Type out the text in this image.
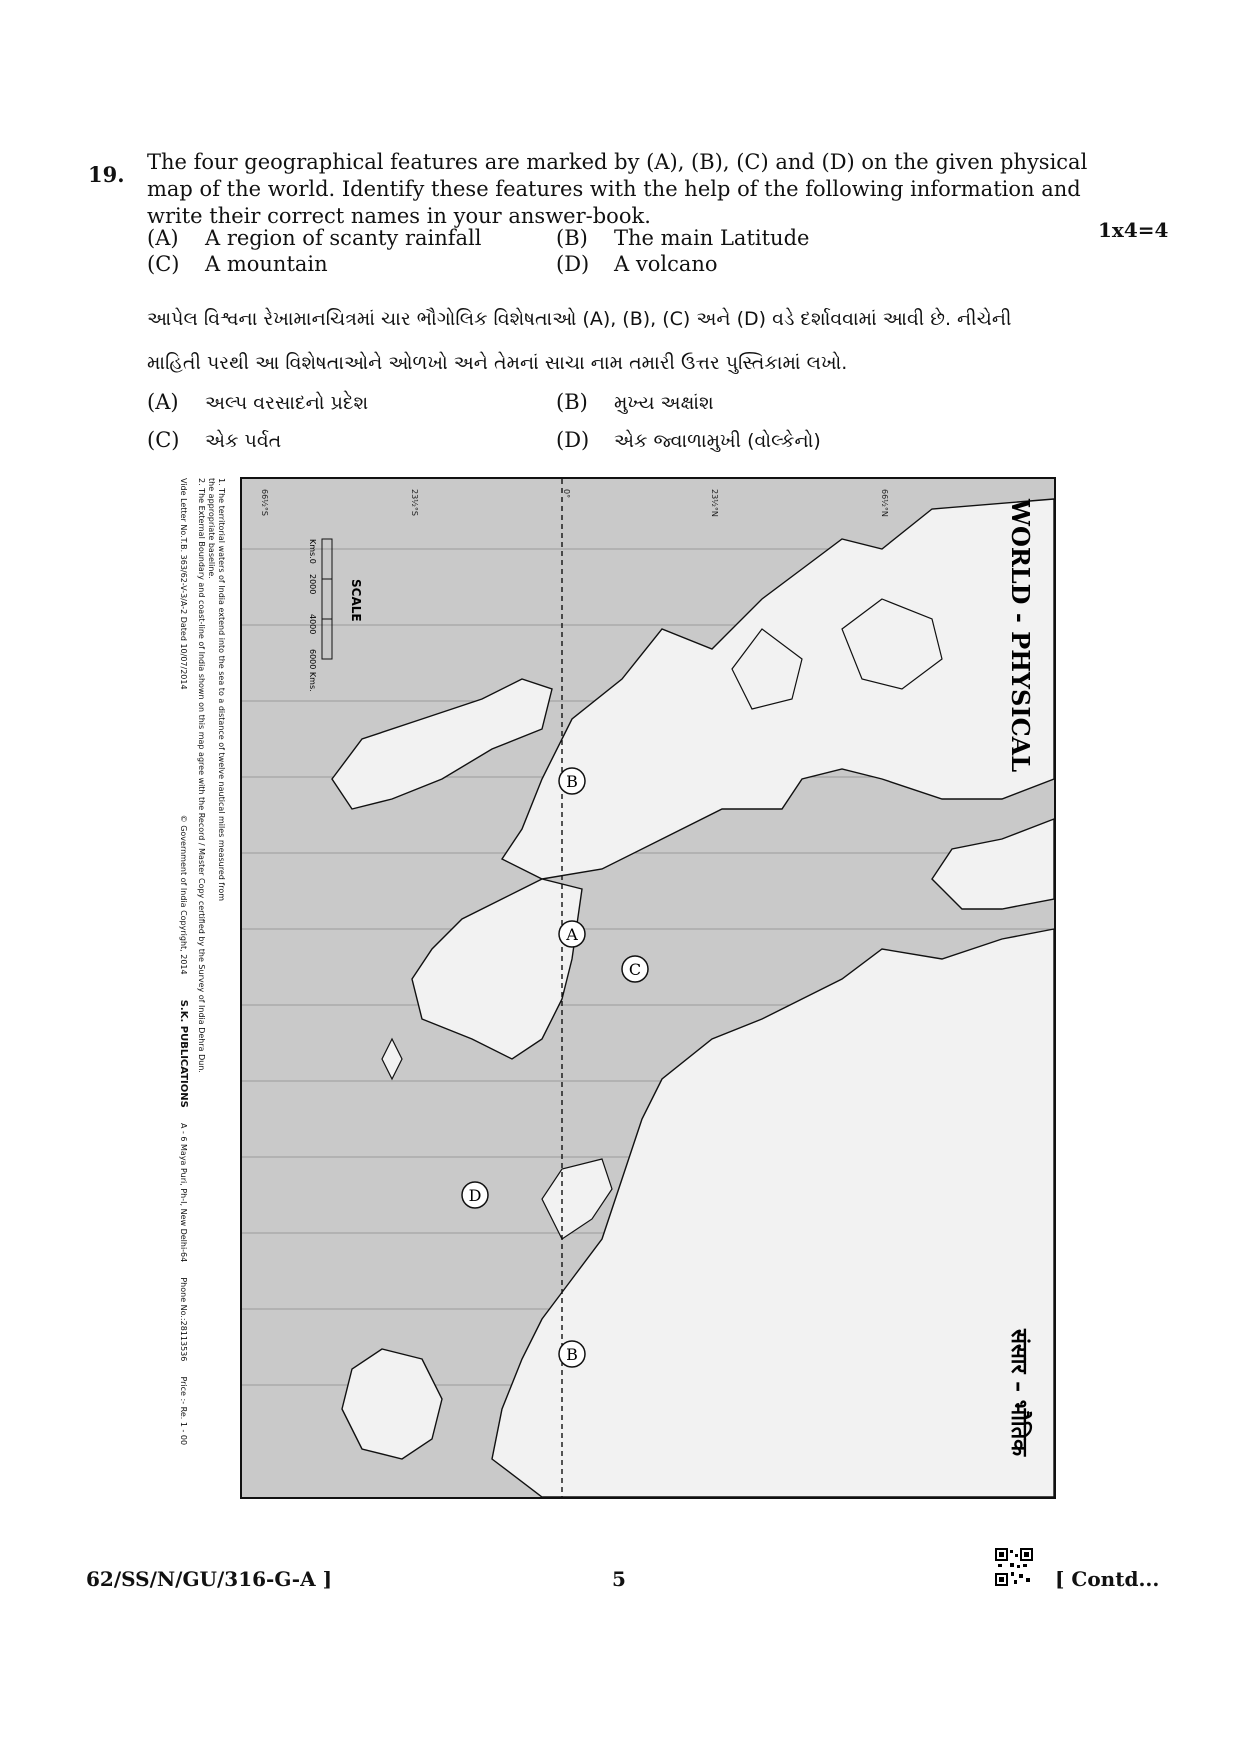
19. The four geographical features are marked by (A), (B), (C) and (D) on the given physical
map of the world. Identify these features with the help of the following information and
write their correct names in your answer-book.
1x4=4
(A) A region of scanty rainfall	(B) The main Latitude
(C) A mountain	(D) A volcano
આપેલ વિશ્વના રેખામાનચિત્રમાં ચાર ભૌગોલિક વિશેષતાઓ (A), (B), (C) અને (D) વડે દર્શાવવામાં આવી છે. નીચેની
માહિતી પરથી આ વિશેષતાઓને ઓળખો અને તેમનાં સાચા નામ તમારી ઉત્તર પુસ્તિકામાં લખો.
(A) અલ્પ વરસાદનો પ્રદેશ	(B) મુખ્ય અક્ષાંશ
(C) એક પર્વત	(D) એક જ્વાળામુખી (વોલ્કેનો)
B
A
C
D
B
WORLD - PHYSICAL
संसार – भौतिक
SCALE
Kms.0
2000
4000
6000 Kms.
66½°N
23½°N
0°
23½°S
66½°S
1. The territorial waters of India extend into the sea to a distance of twelve nautical miles measured from
the appropriate baseline.
2. The External Boundary and coast-line of India shown on this map agree with the Record / Master Copy certified by the Survey of India Dehra Dun.
Vide Letter No.T.B. 363/62-V-3/A-2 Dated 10/07/2014  © Government of India Copyright, 2014  S.K. PUBLICATIONS  A - 6 Maya Puri, Ph-I, New Delhi-64  Phone No.:28113536  Price :- Re. 1 - 00
62/SS/N/GU/316-G-A ]	5	[ Contd...
